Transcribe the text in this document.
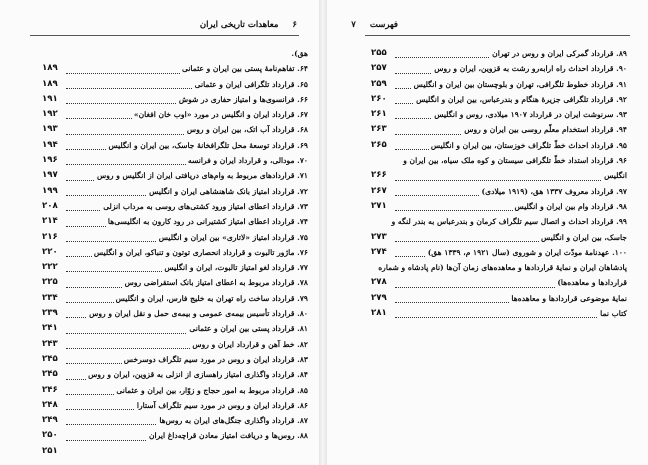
۶
معاهدات تاریخی ایران
هق).
۶۴. تفاهم‌نامهٔ پستی بین ایران و عثمانی
۱۸۹
۶۵. قرارداد تلگرافی ایران و عثمانی
۱۸۹
۶۶. فرانسوی‌ها و امتیاز حفاری در شوش
۱۹۱
۶۷. قرارداد ایران و انگلیس در مورد «اوب خان افغان»
۱۹۲
۶۸. قرارداد آب اتک، بین ایران و روس
۱۹۳
۶۹. قرارداد توسعهٔ محل تلگرافخانهٔ جاسک، بین ایران و انگلیس
۱۹۴
۷۰. مودالی، و قرارداد ایران و فرانسه
۱۹۶
۷۱. قراردادهای مربوط به وام‌های دریافتی ایران از انگلیس و روس
۱۹۷
۷۲. قرارداد امتیاز بانک شاهنشاهی ایران و انگلیس
۱۹۹
۷۳. قرارداد اعطای امتیاز ورود کشتی‌های روسی به مرداب انزلی
۲۰۸
۷۴. قرارداد اعطای امتیاز کشتیرانی در رود کارون به انگلیسی‌ها
۲۱۴
۷۵. قرارداد امتیاز «لاتاری» بین ایران و انگلیس
۲۱۶
۷۶. ماژور تالبوت و قرارداد انحصاری توتون و تنباکو، ایران و انگلیس
۲۲۰
۷۷. قرارداد لغو امتیاز تالبوت، ایران و انگلیس
۲۲۲
۷۸. قرارداد مربوط به اعطای امتیاز بانک استقراضی روس
۲۲۵
۷۹. قرارداد ساخت راه تهران به خلیج فارس، ایران و انگلیس
۲۳۴
۸۰. قرارداد تأسیس بیمه‌ی عمومی و بیمه‌ی حمل و نقل ایران و روس
۲۳۹
۸۱. قرارداد پستی بین ایران و عثمانی
۲۴۱
۸۲. خط آهن و قرارداد ایران و روس
۲۴۳
۸۳. قرارداد ایران و روس در مورد سیم تلگراف دوسرخس
۲۴۵
۸۴. قرارداد واگذاری امتیاز راهسازی از انزلی به قزوین، ایران و روس
۲۴۵
۸۵. قرارداد مربوط به امور حجاج و زوّار، بین ایران و عثمانی
۲۴۶
۸۶. قرارداد ایران و روس در مورد سیم تلگراف آستارا
۲۴۸
۸۷. قرارداد واگذاری جنگل‌های ایران به روس‌ها
۲۴۹
۸۸. روس‌ها و دریافت امتیاز معادن قراچه‌داغ ایران
۲۵۰
۲۵۱
فهرست
۷
۸۹. قرارداد گمرکی ایران و روس در تهران
۲۵۵
۹۰. قرارداد احداث راه ارابه‌رو رشت به قزوین، ایران و روس
۲۵۷
۹۱. قرارداد خطوط تلگرافی، تهران و بلوچستان بین ایران و انگلیس
۲۵۹
۹۲. قرارداد تلگرافی جزیرهٔ هنگام و بندرعباس، بین ایران و انگلیس
۲۶۰
۹۳. سرنوشت ایران در قرارداد ۱۹۰۷ میلادی، روس و انگلیس
۲۶۱
۹۴. قرارداد استخدام معلّم روسی بین ایران و روس
۲۶۳
۹۵. قرارداد احداث خطّ تلگراف خوزستان، بین ایران و انگلیس
۲۶۵
۹۶. قرارداد استداد خطّ تلگرافی سیستان و کوه ملک سیاه، بین ایران و
انگلیس
۲۶۶
۹۷. قرارداد معروف ۱۳۳۷ هق، (۱۹۱۹ میلادی)
۲۶۷
۹۸. قرارداد وام بین ایران و انگلیس
۲۷۱
۹۹. قرارداد احداث و اتصال سیم تلگراف کرمان و بندرعباس به بندر لنگه و
جاسک، بین ایران و انگلیس
۲۷۳
۱۰۰. عهدنامهٔ مودّت ایران و شوروی (سال ۱۹۲۱ م، ۱۳۳۹ هق)
۲۷۴
پادشاهان ایران و نمایهٔ قراردادها و معاهده‌های زمان آن‌ها (نام پادشاه و شماره
قراردادها و معاهده‌ها)
۲۷۸
نمایهٔ موضوعی قراردادها و معاهده‌ها
۲۷۹
کتاب‌ نما
۲۸۱
